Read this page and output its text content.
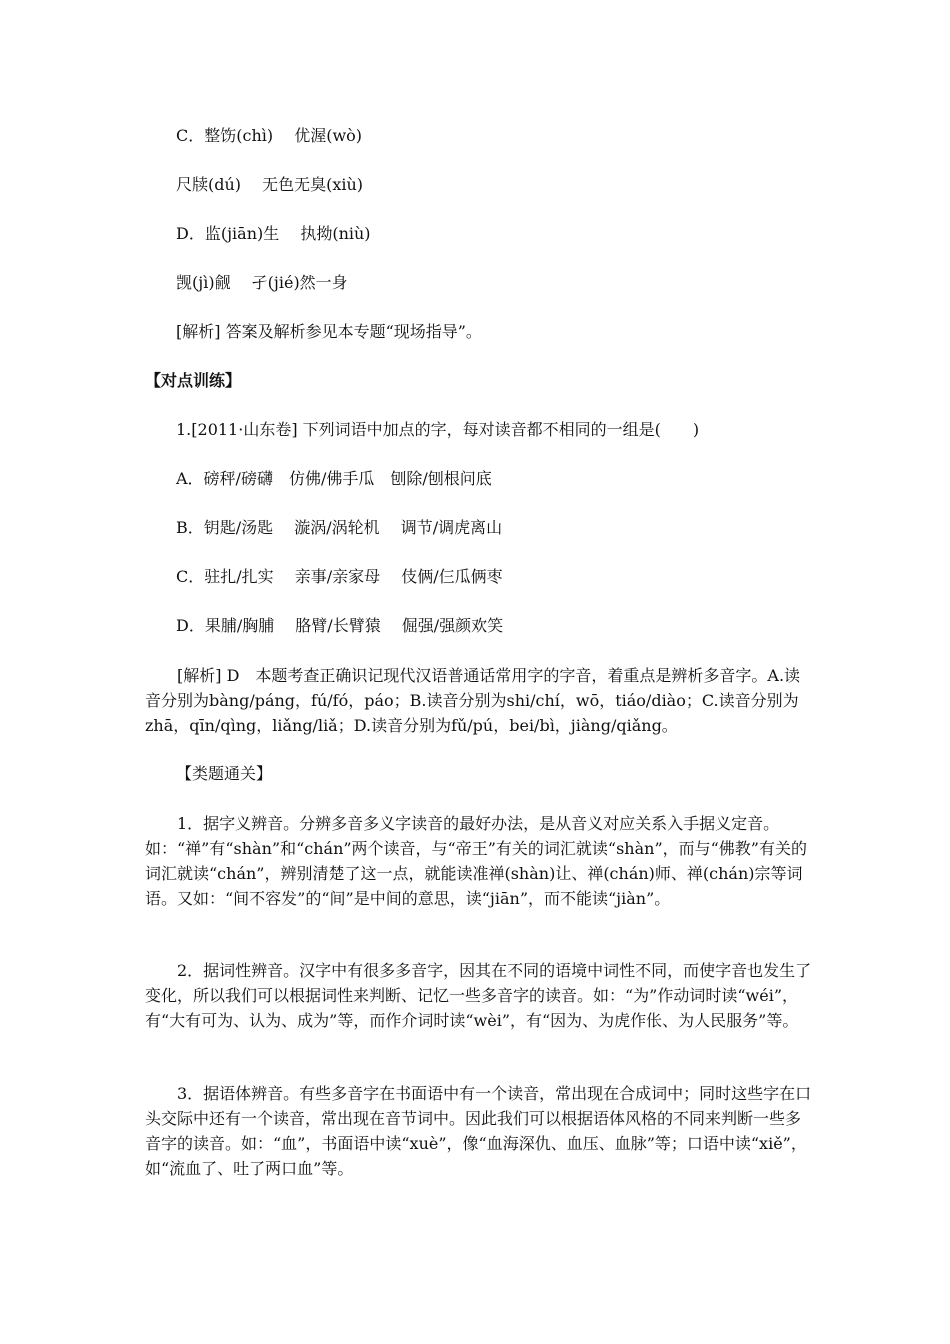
C．整饬(chì)　 优渥(wò)
尺牍(dú)　 无色无臭(xiù)
D．监(jiān)生　 执拗(niù)
觊(jì)觎　 孑(jié)然一身
[解析] 答案及解析参见本专题“现场指导”。
【对点训练】
1.[2011·山东卷] 下列词语中加点的字，每对读音都不相同的一组是(　　)
A．磅秤/磅礴　仿佛/佛手瓜　刨除/刨根问底
B．钥匙/汤匙　 漩涡/涡轮机　 调节/调虎离山
C．驻扎/扎实　 亲事/亲家母　 伎俩/仨瓜俩枣
D．果脯/胸脯　 胳臂/长臂猿　 倔强/强颜欢笑

[解析] D　本题考查正确识记现代汉语普通话常用字的字音，着重点是辨析多音字。A.读音分别为bàng/páng，fú/fó，páo；B.读音分别为shi/chí，wō，tiáo/diào；C.读音分别为zhā，qīn/qìng，liǎng/liǎ；D.读音分别为fǔ/pú，bei/bì，jiàng/qiǎng。

【类题通关】

1．据字义辨音。分辨多音多义字读音的最好办法，是从音义对应关系入手据义定音。如：“禅”有“shàn”和“chán”两个读音，与“帝王”有关的词汇就读“shàn”，而与“佛教”有关的词汇就读“chán”，辨别清楚了这一点，就能读准禅(shàn)让、禅(chán)师、禅(chán)宗等词语。又如：“间不容发”的“间”是中间的意思，读“jiān”，而不能读“jiàn”。

2．据词性辨音。汉字中有很多多音字，因其在不同的语境中词性不同，而使字音也发生了变化，所以我们可以根据词性来判断、记忆一些多音字的读音。如：“为”作动词时读“wéi”，有“大有可为、认为、成为”等，而作介词时读“wèi”，有“因为、为虎作伥、为人民服务”等。

3．据语体辨音。有些多音字在书面语中有一个读音，常出现在合成词中；同时这些字在口头交际中还有一个读音，常出现在音节词中。因此我们可以根据语体风格的不同来判断一些多音字的读音。如：“血”，书面语中读“xuè”，像“血海深仇、血压、血脉”等；口语中读“xiě”，如“流血了、吐了两口血”等。
